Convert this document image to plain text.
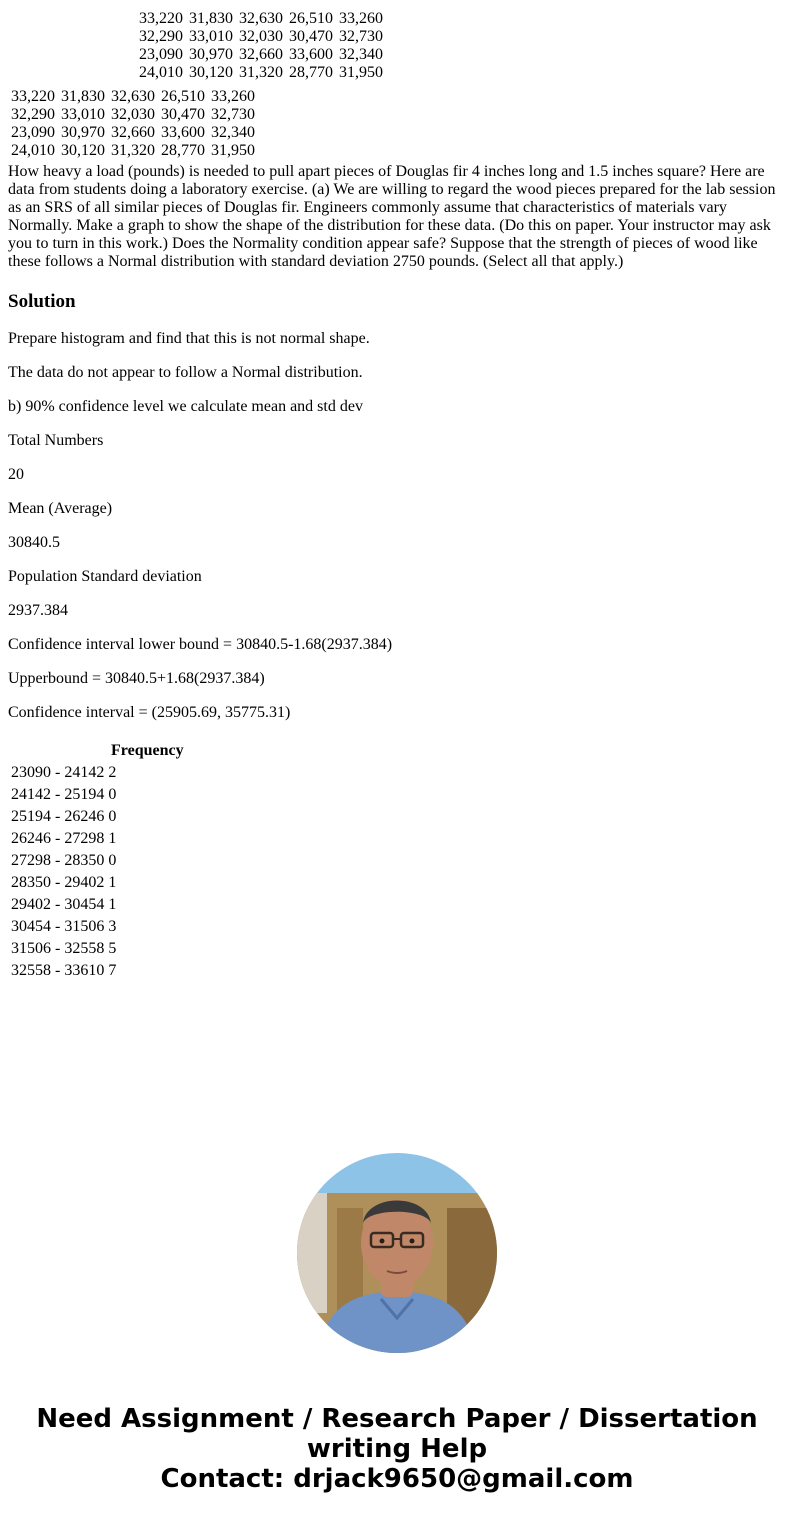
33,220	31,830	32,630	26,510	33,260
32,290	33,010	32,030	30,470	32,730
23,090	30,970	32,660	33,600	32,340
24,010	30,120	31,320	28,770	31,950
33,220	31,830	32,630	26,510	33,260
32,290	33,010	32,030	30,470	32,730
23,090	30,970	32,660	33,600	32,340
24,010	30,120	31,320	28,770	31,950

How heavy a load (pounds) is needed to pull apart pieces of Douglas fir 4 inches long and 1.5 inches square? Here are data from students doing a laboratory exercise. (a) We are willing to regard the wood pieces prepared for the lab session as an SRS of all similar pieces of Douglas fir. Engineers commonly assume that characteristics of materials vary Normally. Make a graph to show the shape of the distribution for these data. (Do this on paper. Your instructor may ask you to turn in this work.) Does the Normality condition appear safe? Suppose that the strength of pieces of wood like these follows a Normal distribution with standard deviation 2750 pounds. (Select all that apply.)

Solution

Prepare histogram and find that this is not normal shape.

The data do not appear to follow a Normal distribution.

b) 90% confidence level we calculate mean and std dev

Total Numbers

20

Mean (Average)

30840.5

Population Standard deviation

2937.384

Confidence interval lower bound = 30840.5-1.68(2937.384)

Upperbound = 30840.5+1.68(2937.384)

Confidence interval = (25905.69, 35775.31)

	Frequency
23090 - 24142 2
24142 - 25194 0
25194 - 26246 0
26246 - 27298 1
27298 - 28350 0
28350 - 29402 1
29402 - 30454 1
30454 - 31506 3
31506 - 32558 5
32558 - 33610 7
Need Assignment / Research Paper / Dissertation
writing Help
Contact: drjack9650@gmail.com
